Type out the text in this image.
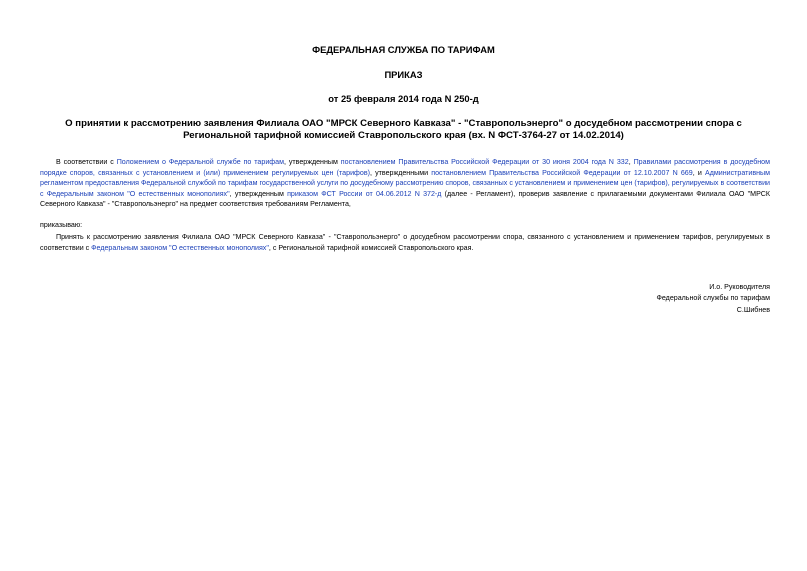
ФЕДЕРАЛЬНАЯ СЛУЖБА ПО ТАРИФАМ

ПРИКАЗ

от 25 февраля 2014 года N 250-д

О принятии к рассмотрению заявления Филиала ОАО "МРСК Северного Кавказа" - "Ставропольэнерго" о досудебном рассмотрении спора с Региональной тарифной комиссией Ставропольского края (вх. N ФСТ-3764-27 от 14.02.2014)

В соответствии с Положением о Федеральной службе по тарифам, утвержденным постановлением Правительства Российской Федерации от 30 июня 2004 года N 332, Правилами рассмотрения в досудебном порядке споров, связанных с установлением и (или) применением регулируемых цен (тарифов), утвержденными постановлением Правительства Российской Федерации от 12.10.2007 N 669, и Административным регламентом предоставления Федеральной службой по тарифам государственной услуги по досудебному рассмотрению споров, связанных с установлением и применением цен (тарифов), регулируемых в соответствии с Федеральным законом "О естественных монополиях", утвержденным приказом ФСТ России от 04.06.2012 N 372-д (далее - Регламент), проверив заявление с прилагаемыми документами Филиала ОАО "МРСК Северного Кавказа" - "Ставропольэнерго" на предмет соответствия требованиям Регламента,

приказываю:

Принять к рассмотрению заявления Филиала ОАО "МРСК Северного Кавказа" - "Ставропольэнерго" о досудебном рассмотрении спора, связанного с установлением и применением тарифов, регулируемых в соответствии с Федеральным законом "О естественных монополиях", с Региональной тарифной комиссией Ставропольского края.

И.о. Руководителя
Федеральной службы по тарифам
С.Шибнев
